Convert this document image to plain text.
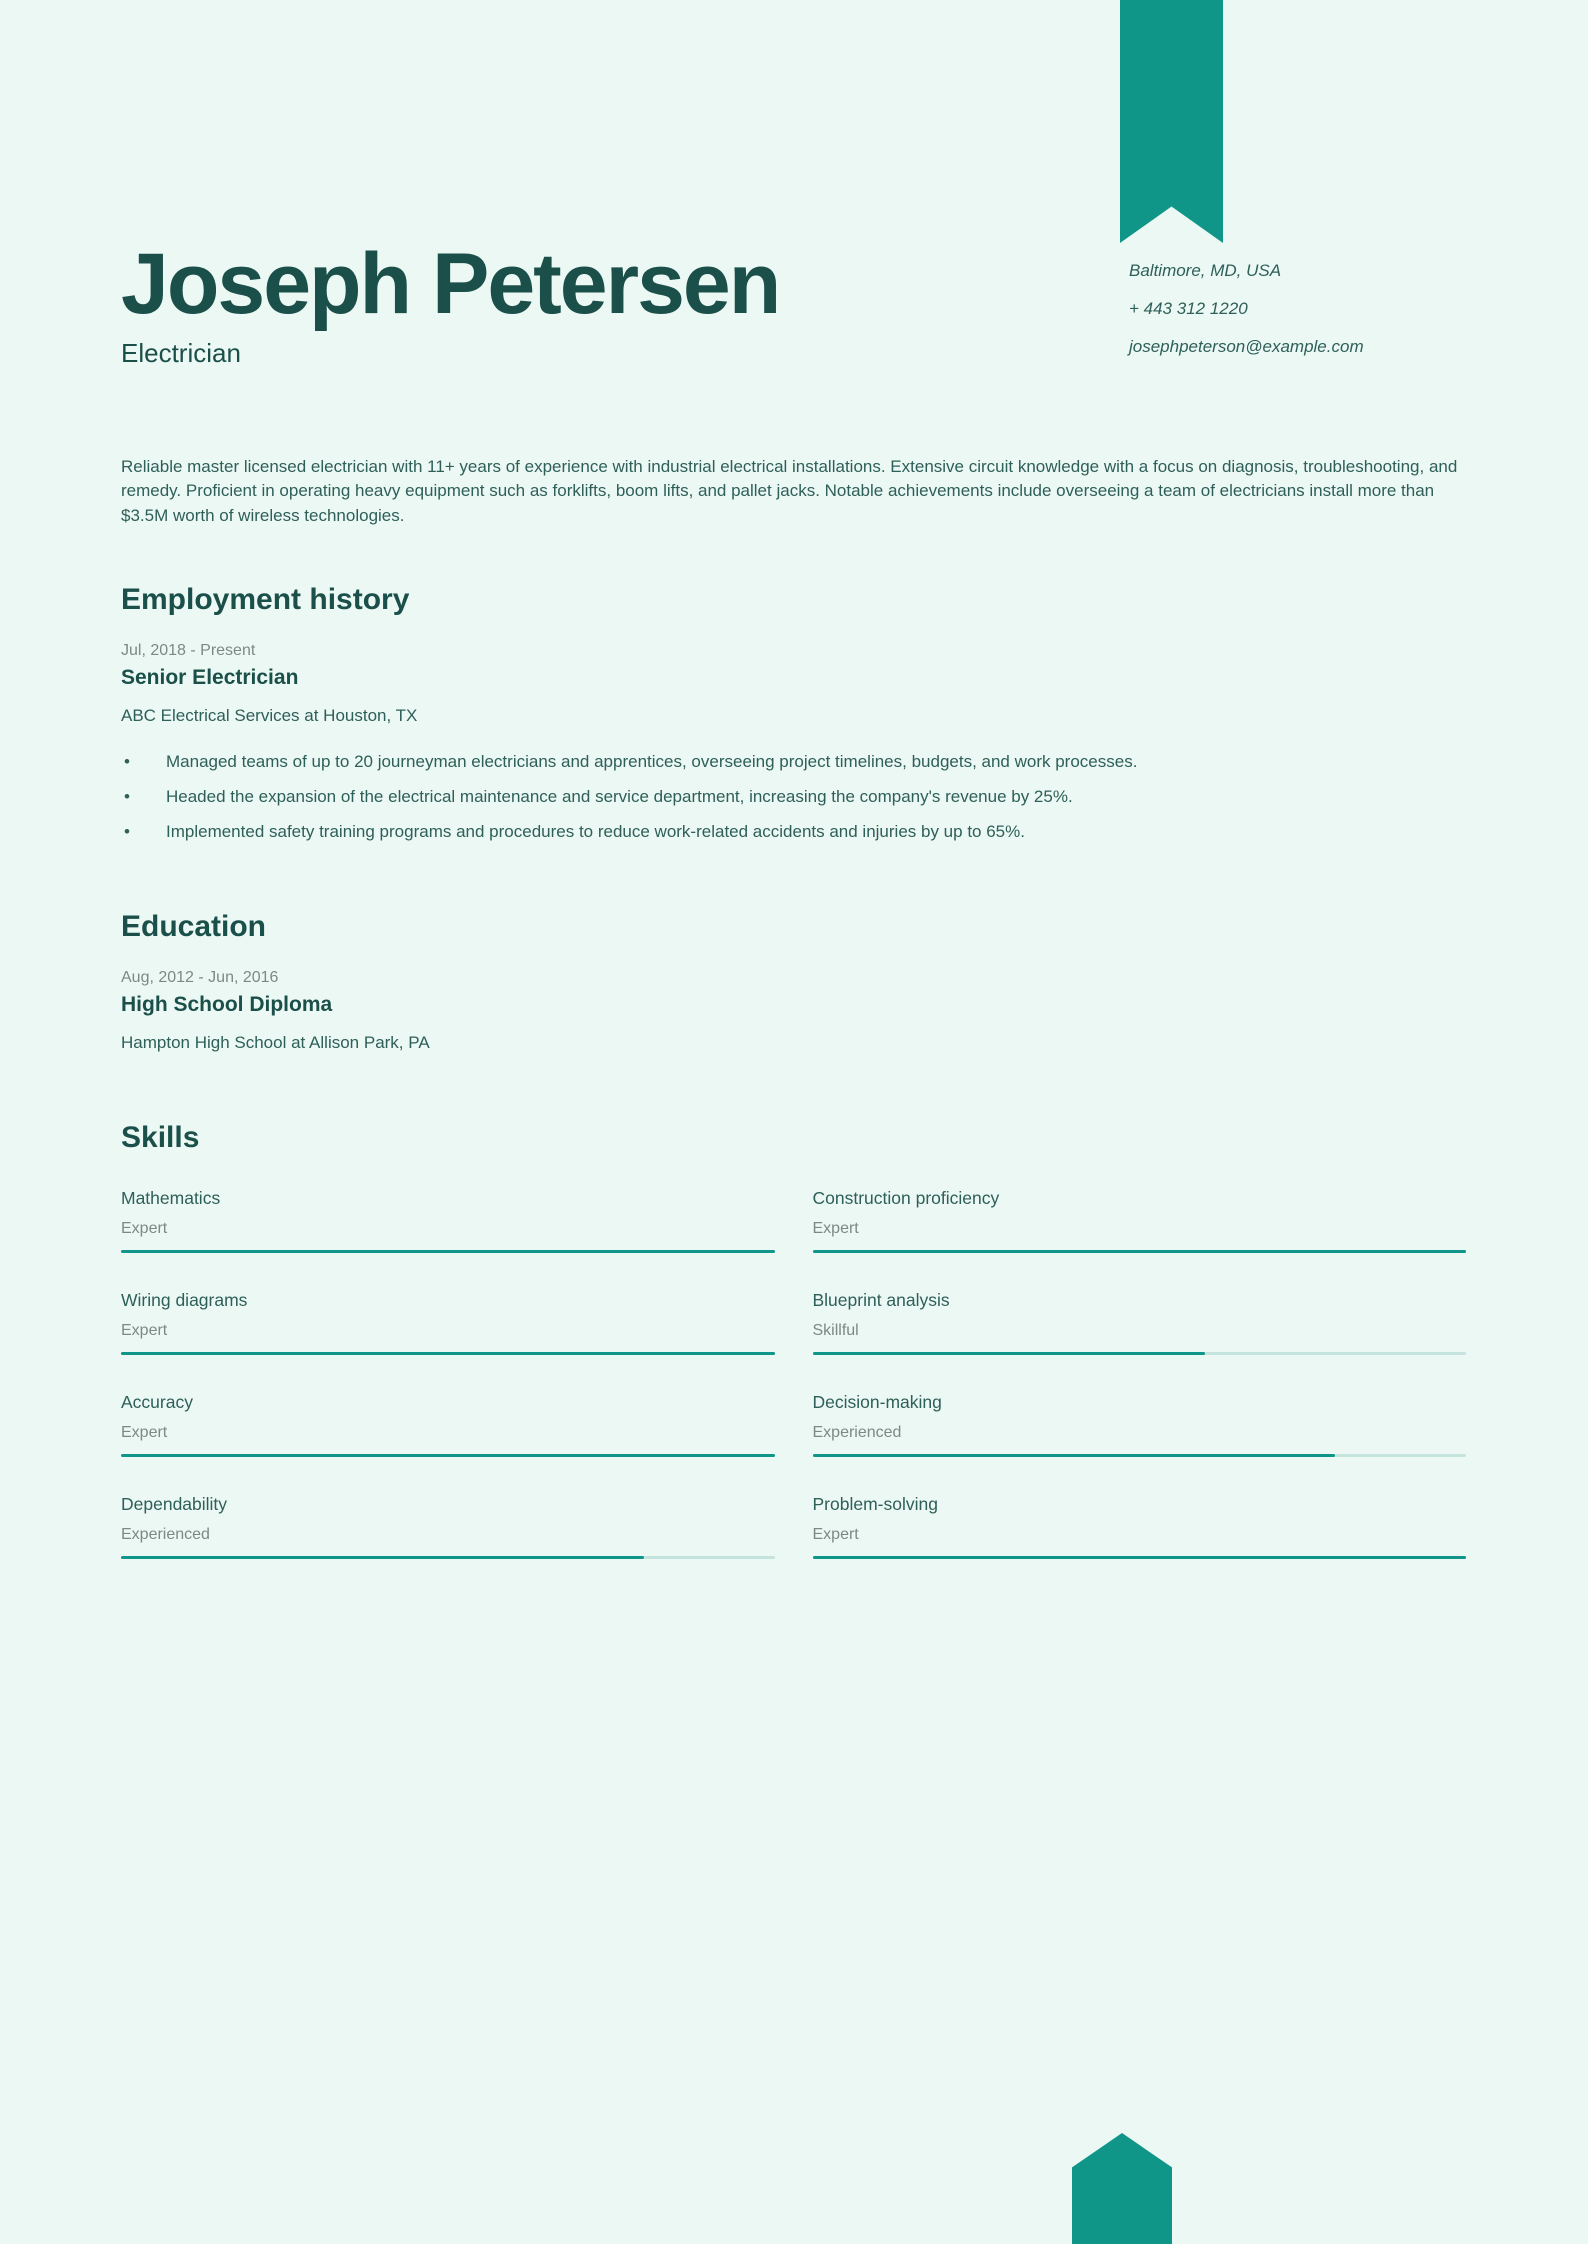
Baltimore, MD, USA
+ 443 312 1220
josephpeterson@example.com
Joseph Petersen
Electrician

Reliable master licensed electrician with 11+ years of experience with industrial electrical installations. Extensive circuit knowledge with a focus on diagnosis, troubleshooting, and remedy. Proficient in operating heavy equipment such as forklifts, boom lifts, and pallet jacks. Notable achievements include overseeing a team of electricians install more than $3.5M worth of wireless technologies.

Employment history
Jul, 2018 - Present
Senior Electrician
ABC Electrical Services at Houston, TX
• Managed teams of up to 20 journeyman electricians and apprentices, overseeing project timelines, budgets, and work processes.
• Headed the expansion of the electrical maintenance and service department, increasing the company's revenue by 25%.
• Implemented safety training programs and procedures to reduce work-related accidents and injuries by up to 65%.
Education
Aug, 2012 - Jun, 2016
High School Diploma
Hampton High School at Allison Park, PA
Skills
Mathematics
Expert
Construction proficiency
Expert
Wiring diagrams
Expert
Blueprint analysis
Skillful
Accuracy
Expert
Decision-making
Experienced
Dependability
Experienced
Problem-solving
Expert
